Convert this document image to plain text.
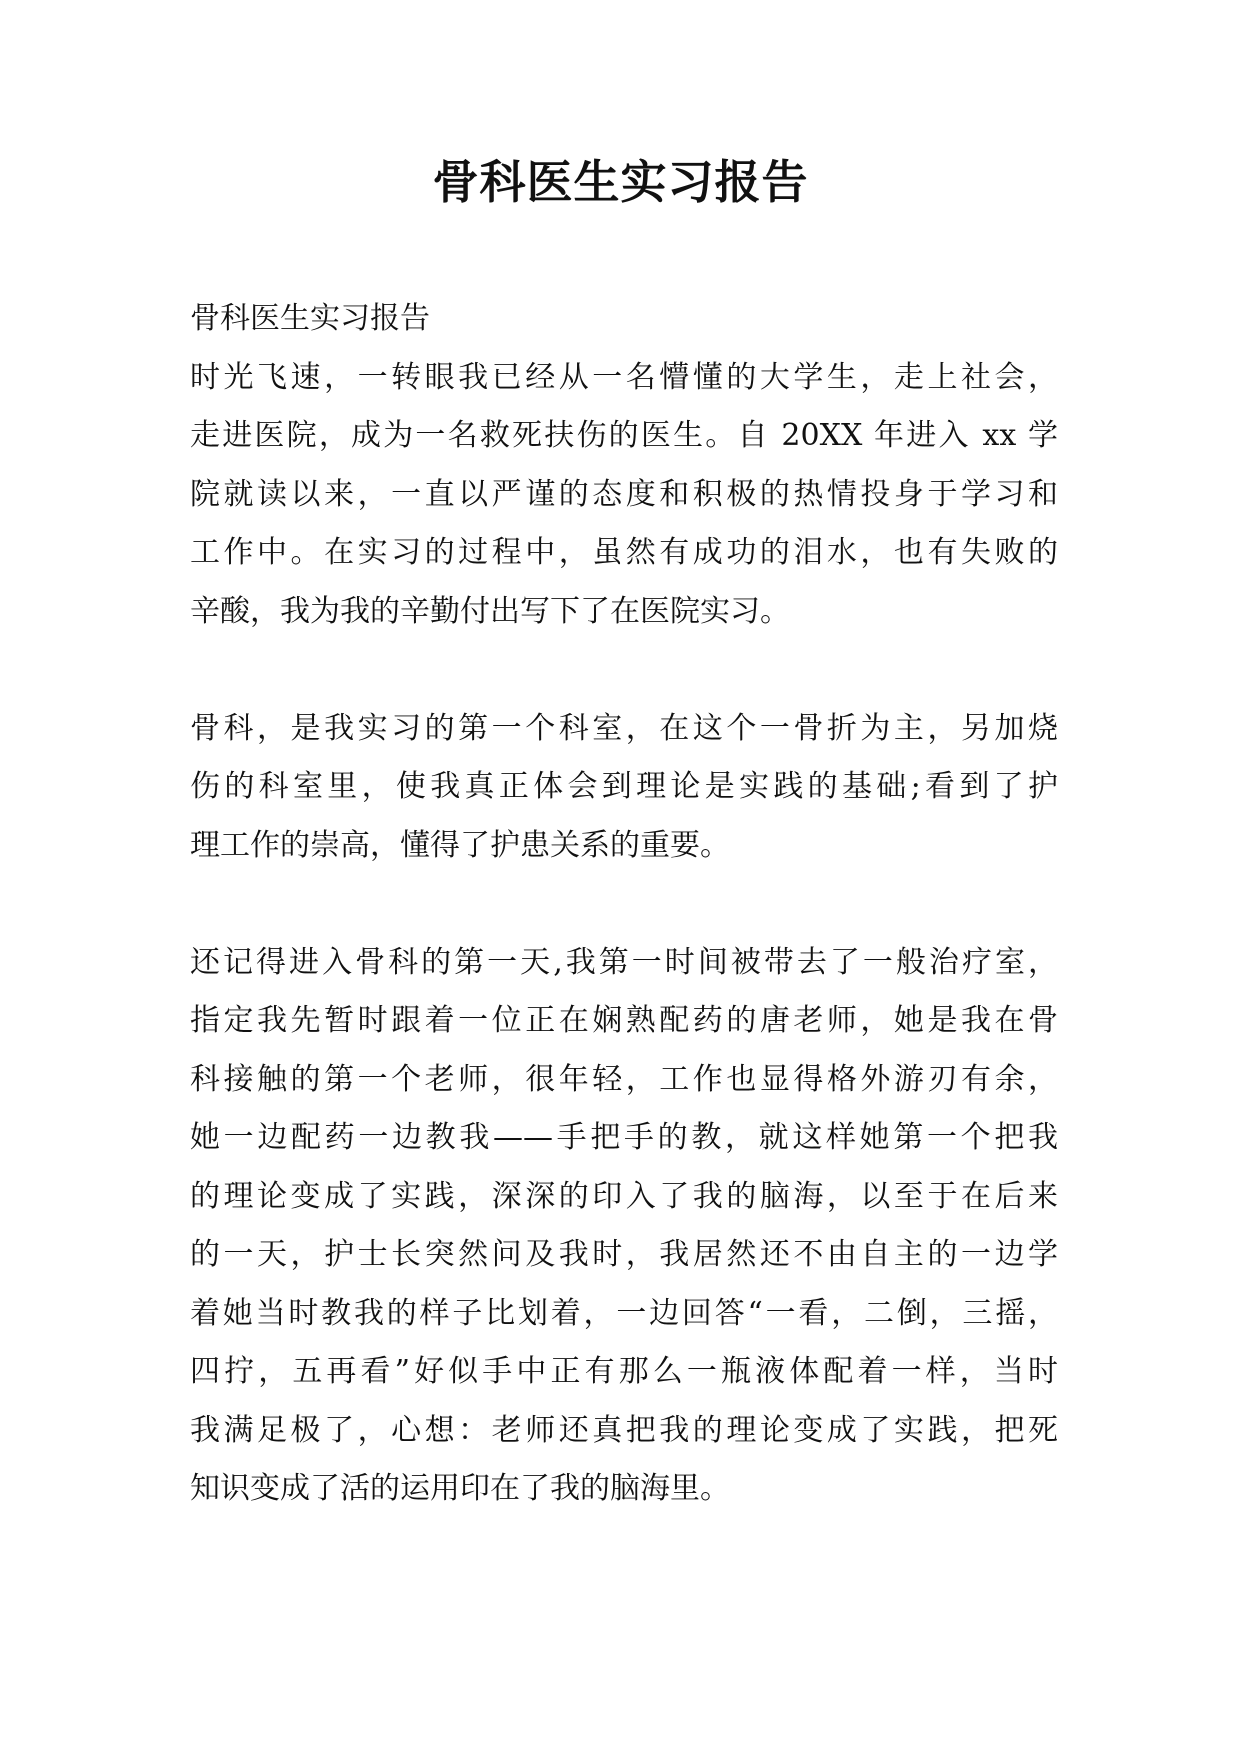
骨科医生实习报告
骨科医生实习报告
时光飞速，一转眼我已经从一名懵懂的大学生，走上社会，
走进医院，成为一名救死扶伤的医生。自 20XX 年进入 xx 学
院就读以来，一直以严谨的态度和积极的热情投身于学习和
工作中。在实习的过程中，虽然有成功的泪水，也有失败的
辛酸，我为我的辛勤付出写下了在医院实习。
骨科，是我实习的第一个科室，在这个一骨折为主，另加烧
伤的科室里，使我真正体会到理论是实践的基础;看到了护
理工作的崇高，懂得了护患关系的重要。
还记得进入骨科的第一天,我第一时间被带去了一般治疗室，
指定我先暂时跟着一位正在娴熟配药的唐老师，她是我在骨
科接触的第一个老师，很年轻，工作也显得格外游刃有余，
她一边配药一边教我——手把手的教，就这样她第一个把我
的理论变成了实践，深深的印入了我的脑海，以至于在后来
的一天，护士长突然问及我时，我居然还不由自主的一边学
着她当时教我的样子比划着，一边回答“一看，二倒，三摇，
四拧，五再看”好似手中正有那么一瓶液体配着一样，当时
我满足极了，心想：老师还真把我的理论变成了实践，把死
知识变成了活的运用印在了我的脑海里。
